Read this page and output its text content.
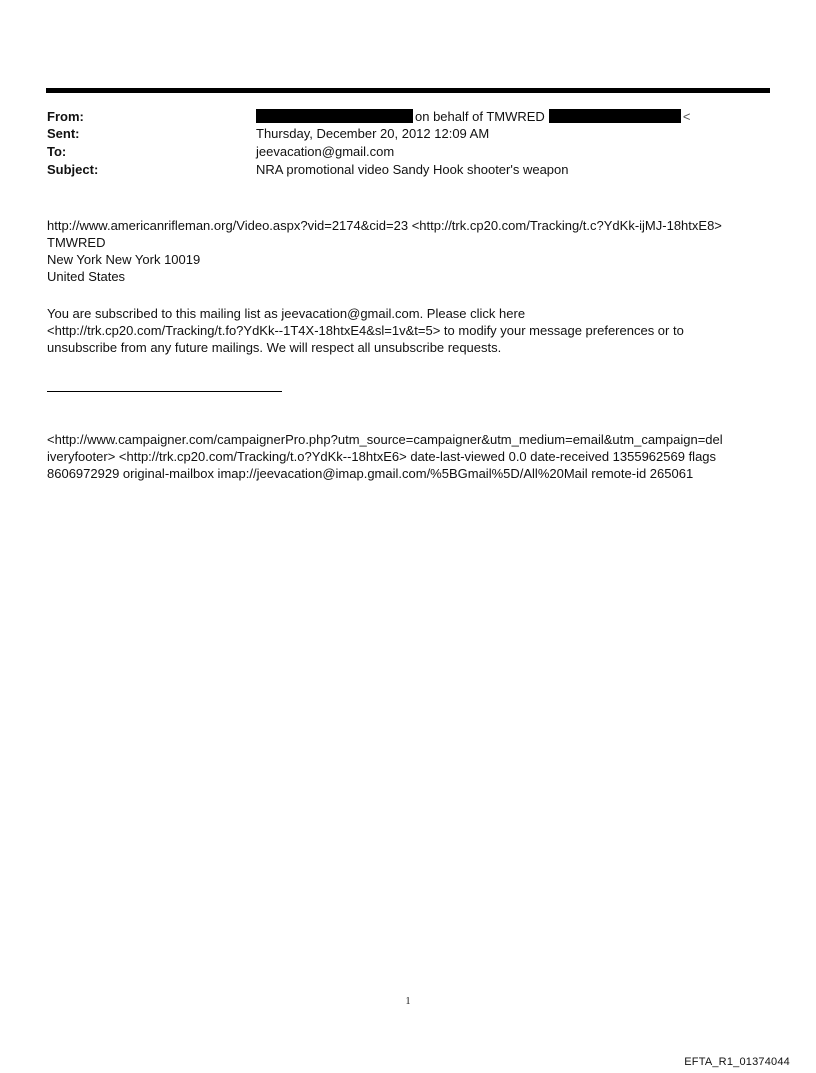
From:	on behalf of TMWRED	<
Sent:	Thursday, December 20, 2012 12:09 AM
To:	jeevacation@gmail.com
Subject:	NRA promotional video Sandy Hook shooter's weapon

http://www.americanrifleman.org/Video.aspx?vid=2174&cid=23 <http://trk.cp20.com/Tracking/t.c?YdKk-ijMJ-18htxE8>

TMWRED

New York New York 10019

United States

You are subscribed to this mailing list as jeevacation@gmail.com. Please click here

<http://trk.cp20.com/Tracking/t.fo?YdKk--1T4X-18htxE4&sl=1v&t=5> to modify your message preferences or to

unsubscribe from any future mailings. We will respect all unsubscribe requests.

<http://www.campaigner.com/campaignerPro.php?utm_source=campaigner&utm_medium=email&utm_campaign=del

iveryfooter> <http://trk.cp20.com/Tracking/t.o?YdKk--18htxE6> date-last-viewed 0.0 date-received 1355962569 flags

8606972929 original-mailbox imap://jeevacation@imap.gmail.com/%5BGmail%5D/All%20Mail remote-id 265061

1
EFTA_R1_01374044
